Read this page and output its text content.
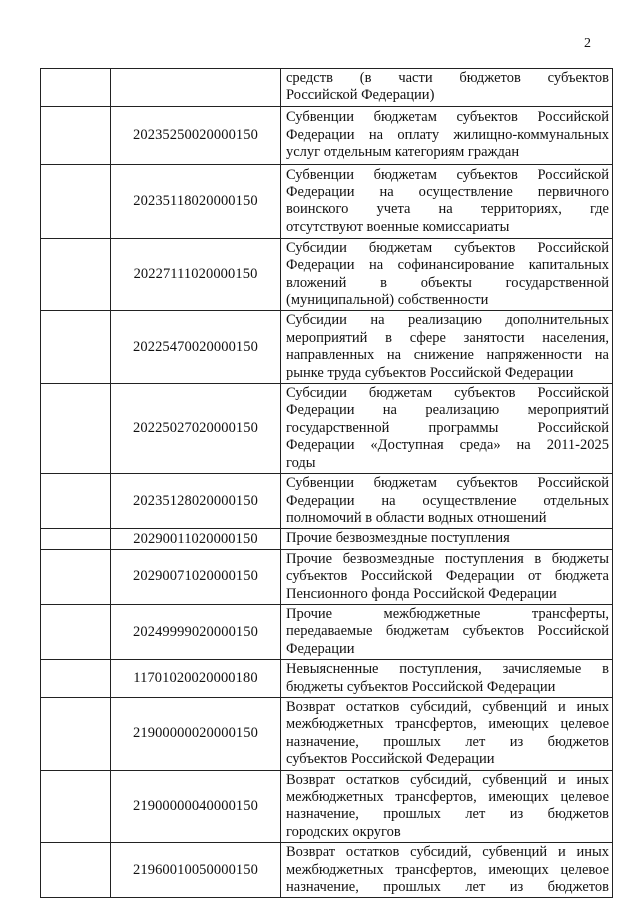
2

		средств (в части бюджетов субъектов
Российской Федерации)

	20235250020000150	Субвенции бюджетам субъектов Российской
Федерации на оплату жилищно-коммунальных
услуг отдельным категориям граждан

	20235118020000150	Субвенции бюджетам субъектов Российской
Федерации на осуществление первичного
воинского учета на территориях, где
отсутствуют военные комиссариаты

	20227111020000150	Субсидии бюджетам субъектов Российской
Федерации на софинансирование капитальных
вложений в объекты государственной
(муниципальной) собственности

	20225470020000150	Субсидии на реализацию дополнительных
мероприятий в сфере занятости населения,
направленных на снижение напряженности на
рынке труда субъектов Российской Федерации

	20225027020000150	Субсидии бюджетам субъектов Российской
Федерации на реализацию мероприятий
государственной программы Российской
Федерации «Доступная среда» на 2011-2025
годы

	20235128020000150	Субвенции бюджетам субъектов Российской
Федерации на осуществление отдельных
полномочий в области водных отношений

	20290011020000150	Прочие безвозмездные поступления

	20290071020000150	Прочие безвозмездные поступления в бюджеты
субъектов Российской Федерации от бюджета
Пенсионного фонда Российской Федерации

	20249999020000150	Прочие межбюджетные трансферты,
передаваемые бюджетам субъектов Российской
Федерации

	11701020020000180	Невыясненные поступления, зачисляемые в
бюджеты субъектов Российской Федерации

	21900000020000150	Возврат остатков субсидий, субвенций и иных
межбюджетных трансфертов, имеющих целевое
назначение, прошлых лет из бюджетов
субъектов Российской Федерации

	21900000040000150	Возврат остатков субсидий, субвенций и иных
межбюджетных трансфертов, имеющих целевое
назначение, прошлых лет из бюджетов
городских округов

	21960010050000150	Возврат остатков субсидий, субвенций и иных
межбюджетных трансфертов, имеющих целевое
назначение, прошлых лет из бюджетов
